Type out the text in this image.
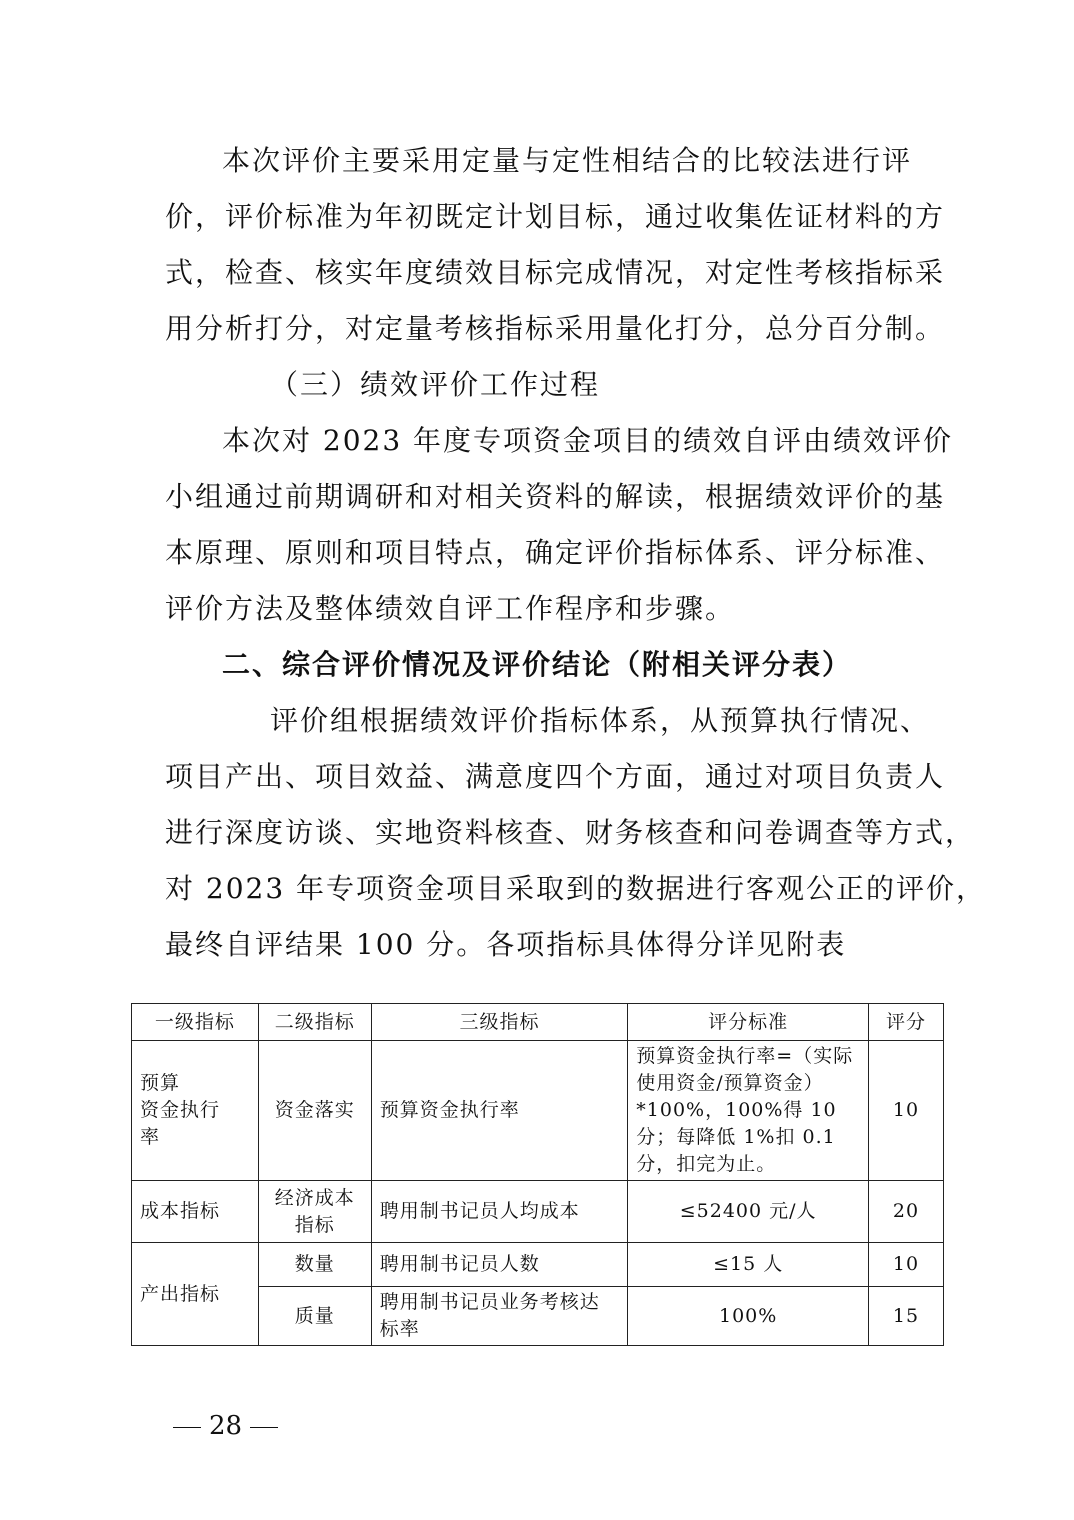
本次评价主要采用定量与定性相结合的比较法进行评
价，评价标准为年初既定计划目标，通过收集佐证材料的方
式，检查、核实年度绩效目标完成情况，对定性考核指标采
用分析打分，对定量考核指标采用量化打分，总分百分制。
（三）绩效评价工作过程
本次对 2023 年度专项资金项目的绩效自评由绩效评价
小组通过前期调研和对相关资料的解读，根据绩效评价的基
本原理、原则和项目特点，确定评价指标体系、评分标准、
评价方法及整体绩效自评工作程序和步骤。
二、综合评价情况及评价结论（附相关评分表）
评价组根据绩效评价指标体系，从预算执行情况、
项目产出、项目效益、满意度四个方面，通过对项目负责人
进行深度访谈、实地资料核查、财务核查和问卷调查等方式，
对 2023 年专项资金项目采取到的数据进行客观公正的评价，
最终自评结果 100 分。各项指标具体得分详见附表
一级指标	二级指标	三级指标	评分标准	评分
预算
资金执行
率	资金落实	预算资金执行率	预算资金执行率=（实际使用资金/预算资金）*100%，100%得 10 分；每降低 1%扣 0.1 分，扣完为止。	10
成本指标	经济成本指标	聘用制书记员人均成本	≤52400 元/人	20
产出指标	数量	聘用制书记员人数	≤15 人	10
	质量	聘用制书记员业务考核达标率	100%	15
28
